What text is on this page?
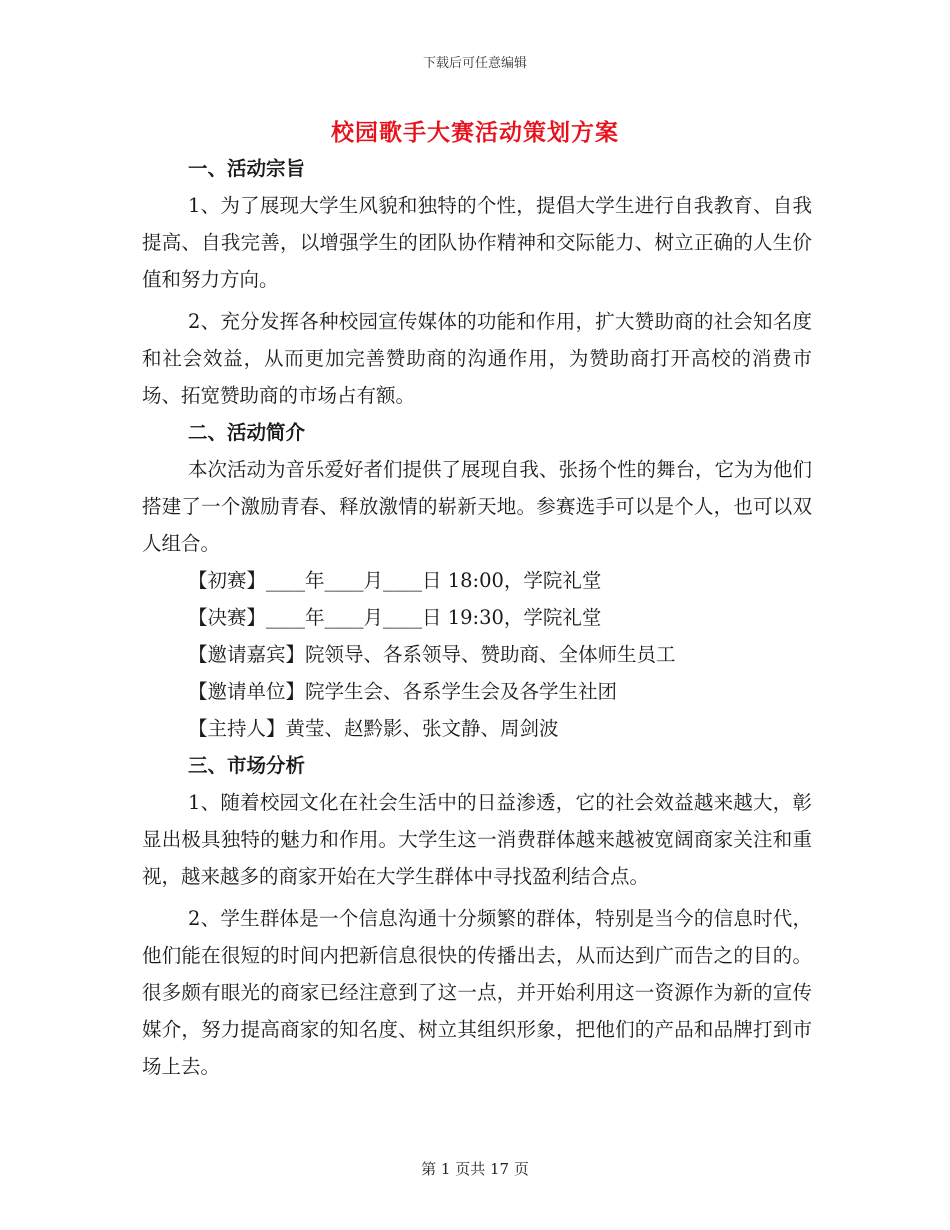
下载后可任意编辑
校园歌手大赛活动策划方案

一、活动宗旨

1、为了展现大学生风貌和独特的个性，提倡大学生进行自我教育、自我提高、自我完善，以增强学生的团队协作精神和交际能力、树立正确的人生价值和努力方向。

2、充分发挥各种校园宣传媒体的功能和作用，扩大赞助商的社会知名度和社会效益，从而更加完善赞助商的沟通作用，为赞助商打开高校的消费市场、拓宽赞助商的市场占有额。

二、活动简介

本次活动为音乐爱好者们提供了展现自我、张扬个性的舞台，它为为他们搭建了一个激励青春、释放激情的崭新天地。参赛选手可以是个人，也可以双人组合。

【初赛】____年____月____日 18:00，学院礼堂

【决赛】____年____月____日 19:30，学院礼堂

【邀请嘉宾】院领导、各系领导、赞助商、全体师生员工

【邀请单位】院学生会、各系学生会及各学生社团

【主持人】黄莹、赵黔影、张文静、周剑波

三、市场分析

1、随着校园文化在社会生活中的日益渗透，它的社会效益越来越大，彰显出极具独特的魅力和作用。大学生这一消费群体越来越被宽阔商家关注和重视，越来越多的商家开始在大学生群体中寻找盈利结合点。

2、学生群体是一个信息沟通十分频繁的群体，特别是当今的信息时代，他们能在很短的时间内把新信息很快的传播出去，从而达到广而告之的目的。很多颇有眼光的商家已经注意到了这一点，并开始利用这一资源作为新的宣传媒介，努力提高商家的知名度、树立其组织形象，把他们的产品和品牌打到市场上去。

第 1 页共 17 页
